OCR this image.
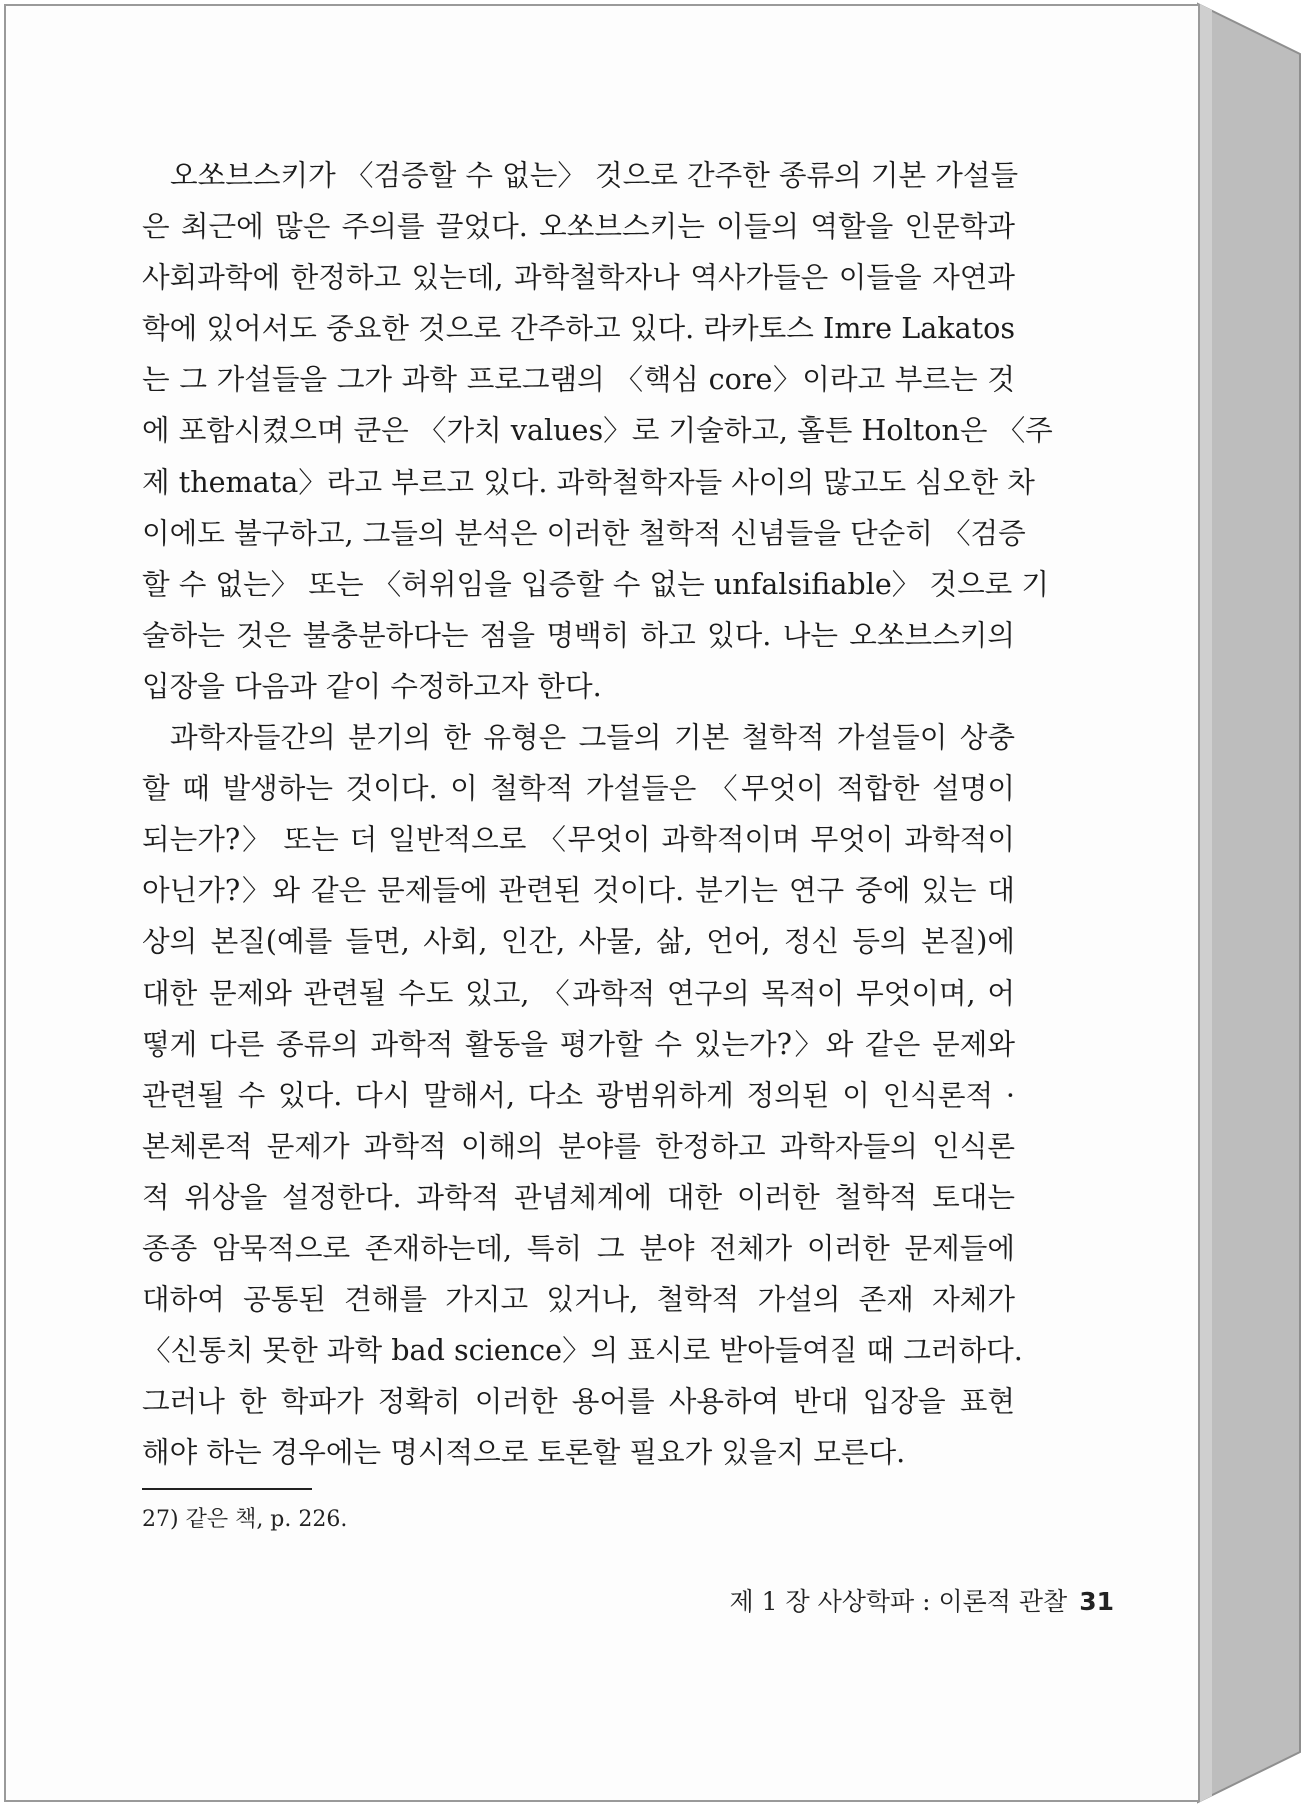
오쏘브스키가 〈검증할 수 없는〉 것으로 간주한 종류의 기본 가설들
은 최근에 많은 주의를 끌었다. 오쏘브스키는 이들의 역할을 인문학과
사회과학에 한정하고 있는데, 과학철학자나 역사가들은 이들을 자연과
학에 있어서도 중요한 것으로 간주하고 있다. 라카토스 Imre Lakatos
는 그 가설들을 그가 과학 프로그램의 〈핵심 core〉이라고 부르는 것
에 포함시켰으며 쿤은 〈가치 values〉로 기술하고, 홀튼 Holton은 〈주
제 themata〉라고 부르고 있다. 과학철학자들 사이의 많고도 심오한 차
이에도 불구하고, 그들의 분석은 이러한 철학적 신념들을 단순히 〈검증
할 수 없는〉 또는 〈허위임을 입증할 수 없는 unfalsifiable〉 것으로 기
술하는 것은 불충분하다는 점을 명백히 하고 있다. 나는 오쏘브스키의
입장을 다음과 같이 수정하고자 한다.
과학자들간의 분기의 한 유형은 그들의 기본 철학적 가설들이 상충
할 때 발생하는 것이다. 이 철학적 가설들은 〈무엇이 적합한 설명이
되는가?〉 또는 더 일반적으로 〈무엇이 과학적이며 무엇이 과학적이
아닌가?〉와 같은 문제들에 관련된 것이다. 분기는 연구 중에 있는 대
상의 본질(예를 들면, 사회, 인간, 사물, 삶, 언어, 정신 등의 본질)에
대한 문제와 관련될 수도 있고, 〈과학적 연구의 목적이 무엇이며, 어
떻게 다른 종류의 과학적 활동을 평가할 수 있는가?〉와 같은 문제와
관련될 수 있다. 다시 말해서, 다소 광범위하게 정의된 이 인식론적 ·
본체론적 문제가 과학적 이해의 분야를 한정하고 과학자들의 인식론
적 위상을 설정한다. 과학적 관념체계에 대한 이러한 철학적 토대는
종종 암묵적으로 존재하는데, 특히 그 분야 전체가 이러한 문제들에
대하여 공통된 견해를 가지고 있거나, 철학적 가설의 존재 자체가
〈신통치 못한 과학 bad science〉의 표시로 받아들여질 때 그러하다.
그러나 한 학파가 정확히 이러한 용어를 사용하여 반대 입장을 표현
해야 하는 경우에는 명시적으로 토론할 필요가 있을지 모른다.
27) 같은 책, p. 226.
제 1 장 사상학파 : 이론적 관찰 31
